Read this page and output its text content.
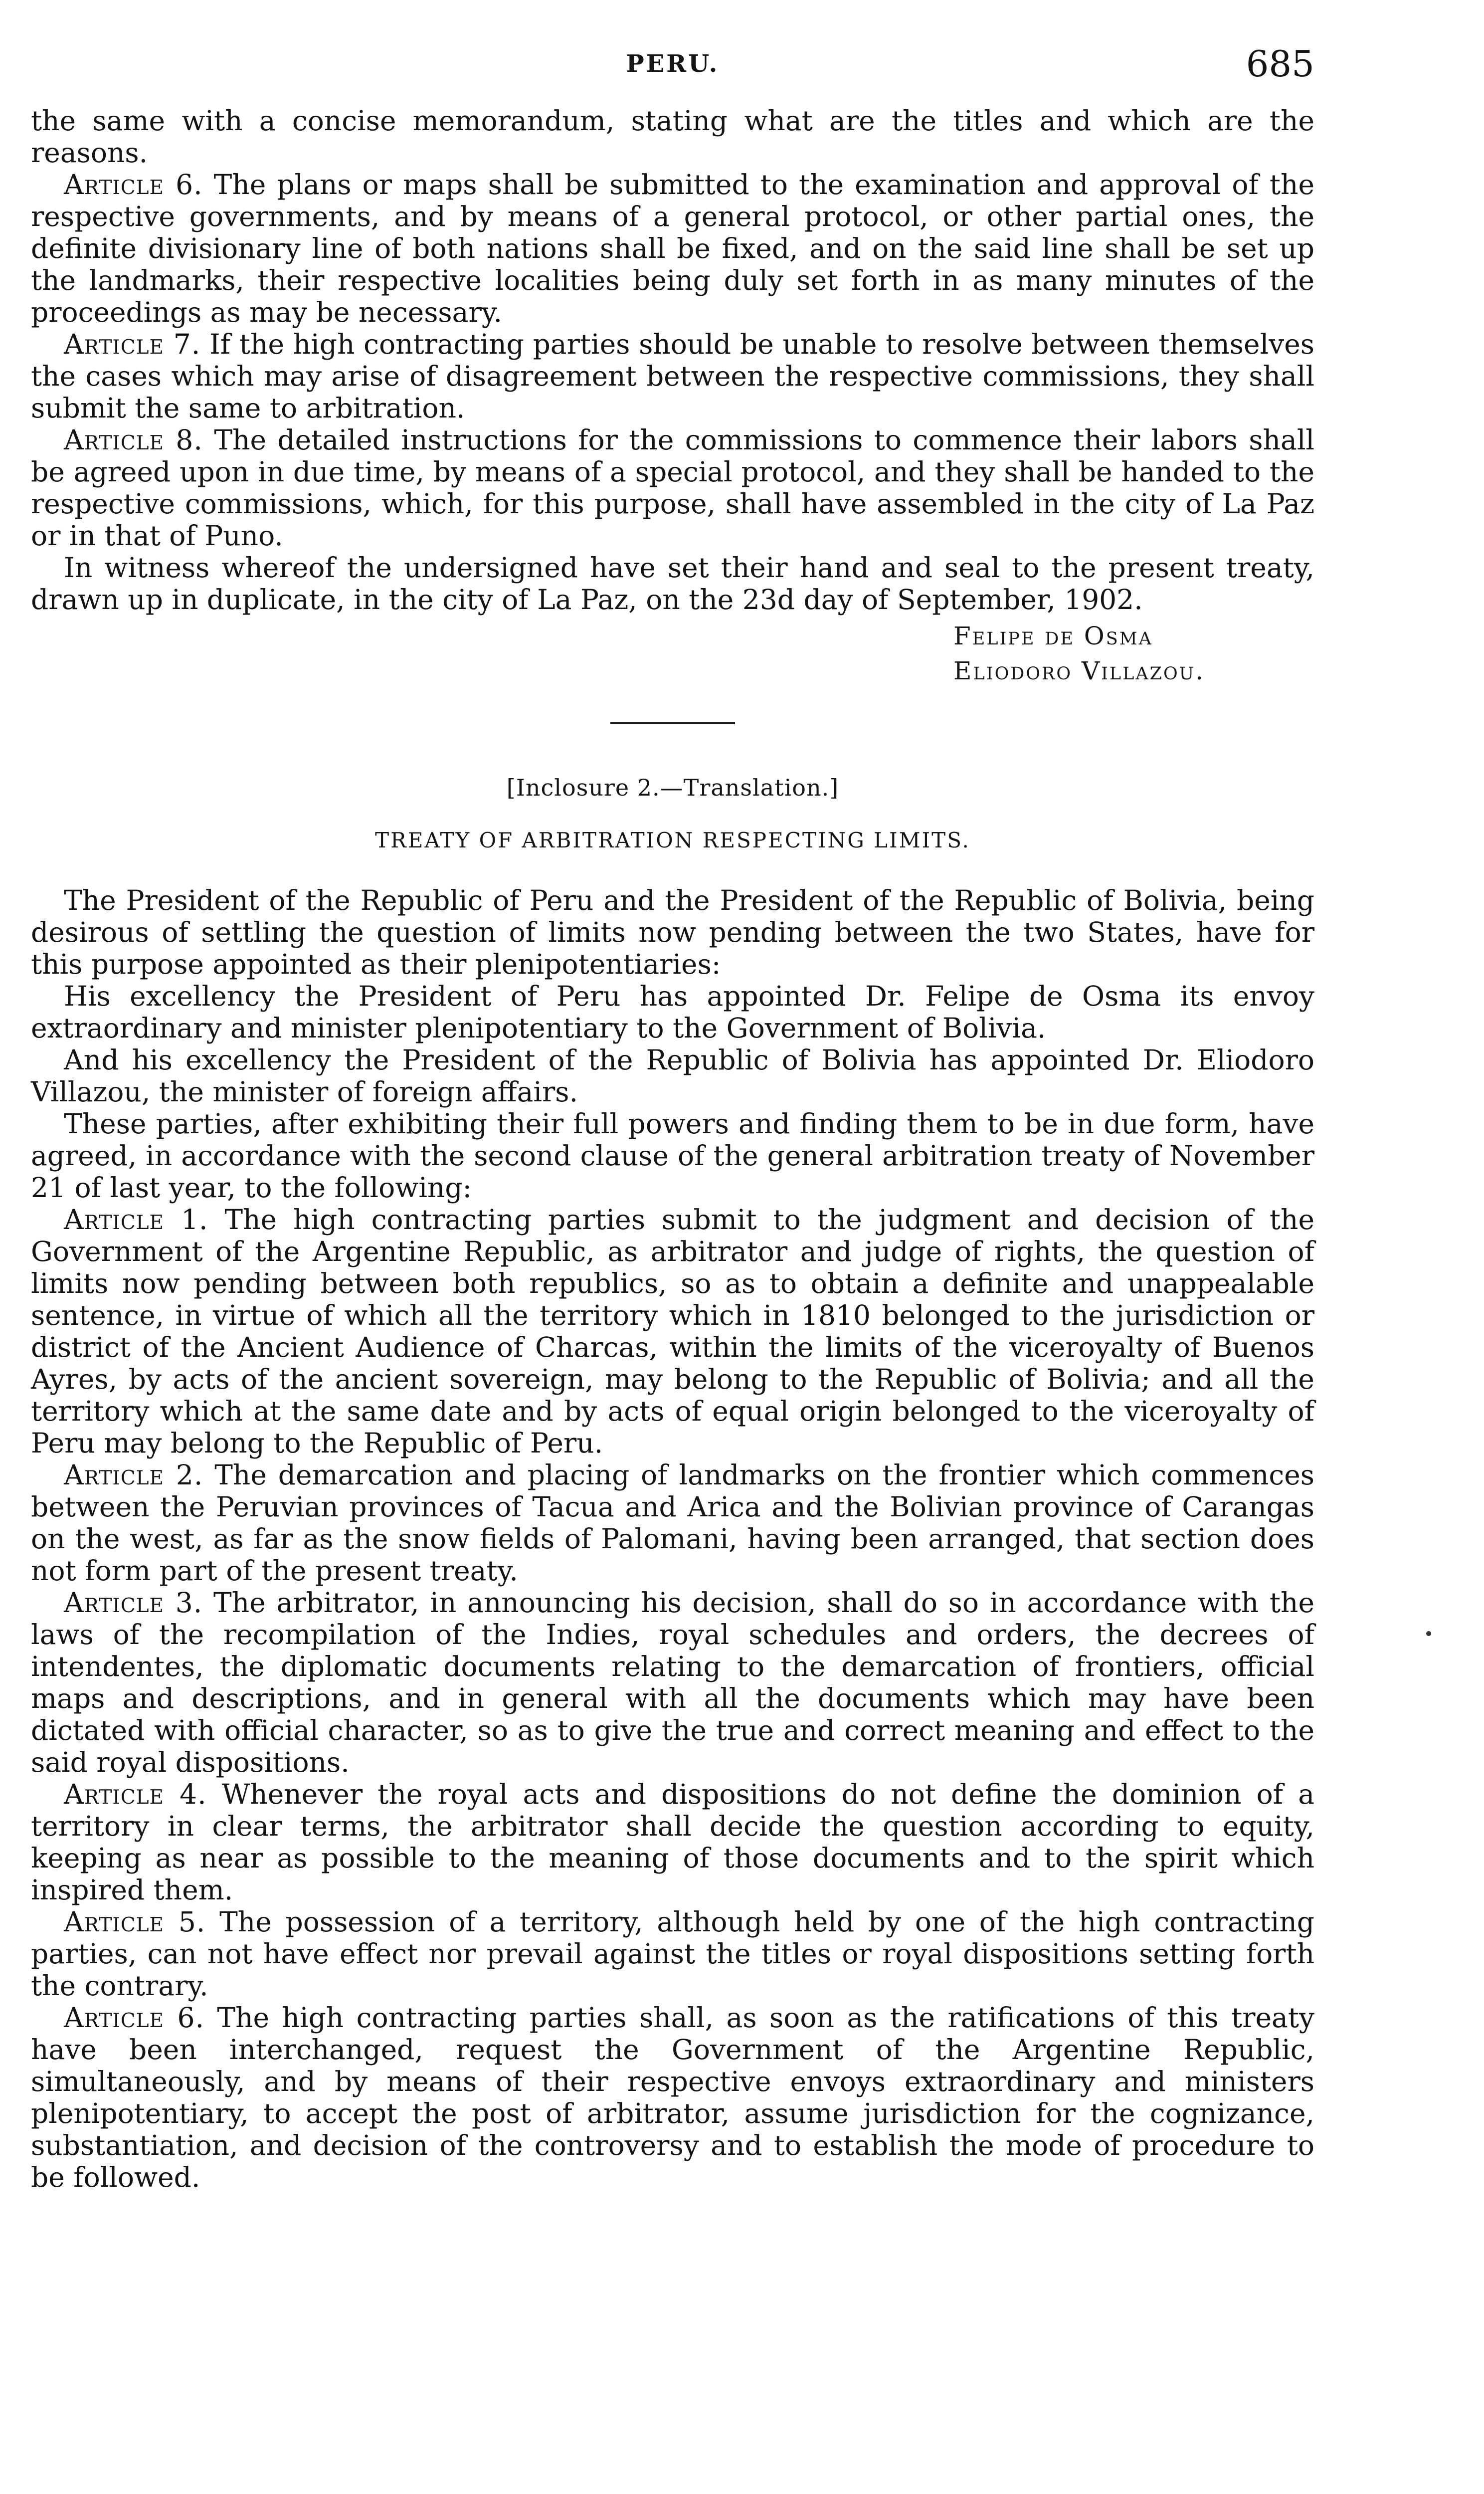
PERU.	685

the same with a concise memorandum, stating what are the titles and which are the reasons.

Article 6. The plans or maps shall be submitted to the examination and approval of the respective governments, and by means of a general protocol, or other partial ones, the definite divisionary line of both nations shall be fixed, and on the said line shall be set up the landmarks, their respective localities being duly set forth in as many minutes of the proceedings as may be necessary.

Article 7. If the high contracting parties should be unable to resolve between themselves the cases which may arise of disagreement between the respective commissions, they shall submit the same to arbitration.

Article 8. The detailed instructions for the commissions to commence their labors shall be agreed upon in due time, by means of a special protocol, and they shall be handed to the respective commissions, which, for this purpose, shall have assembled in the city of La Paz or in that of Puno.

In witness whereof the undersigned have set their hand and seal to the present treaty, drawn up in duplicate, in the city of La Paz, on the 23d day of September, 1902.

Felipe de Osma
Eliodoro Villazou.
[Inclosure 2.—Translation.]
TREATY OF ARBITRATION RESPECTING LIMITS.

The President of the Republic of Peru and the President of the Republic of Bolivia, being desirous of settling the question of limits now pending between the two States, have for this purpose appointed as their plenipotentiaries:

His excellency the President of Peru has appointed Dr. Felipe de Osma its envoy extraordinary and minister plenipotentiary to the Government of Bolivia.

And his excellency the President of the Republic of Bolivia has appointed Dr. Eliodoro Villazou, the minister of foreign affairs.

These parties, after exhibiting their full powers and finding them to be in due form, have agreed, in accordance with the second clause of the general arbitration treaty of November 21 of last year, to the following:

Article 1. The high contracting parties submit to the judgment and decision of the Government of the Argentine Republic, as arbitrator and judge of rights, the question of limits now pending between both republics, so as to obtain a definite and unappealable sentence, in virtue of which all the territory which in 1810 belonged to the jurisdiction or district of the Ancient Audience of Charcas, within the limits of the viceroyalty of Buenos Ayres, by acts of the ancient sovereign, may belong to the Republic of Bolivia; and all the territory which at the same date and by acts of equal origin belonged to the viceroyalty of Peru may belong to the Republic of Peru.

Article 2. The demarcation and placing of landmarks on the frontier which commences between the Peruvian provinces of Tacua and Arica and the Bolivian province of Carangas on the west, as far as the snow fields of Palomani, having been arranged, that section does not form part of the present treaty.

Article 3. The arbitrator, in announcing his decision, shall do so in accordance with the laws of the recompilation of the Indies, royal schedules and orders, the decrees of intendentes, the diplomatic documents relating to the demarcation of frontiers, official maps and descriptions, and in general with all the documents which may have been dictated with official character, so as to give the true and correct meaning and effect to the said royal dispositions.

Article 4. Whenever the royal acts and dispositions do not define the dominion of a territory in clear terms, the arbitrator shall decide the question according to equity, keeping as near as possible to the meaning of those documents and to the spirit which inspired them.

Article 5. The possession of a territory, although held by one of the high contracting parties, can not have effect nor prevail against the titles or royal dispositions setting forth the contrary.

Article 6. The high contracting parties shall, as soon as the ratifications of this treaty have been interchanged, request the Government of the Argentine Republic, simultaneously, and by means of their respective envoys extraordinary and ministers plenipotentiary, to accept the post of arbitrator, assume jurisdiction for the cognizance, substantiation, and decision of the controversy and to establish the mode of procedure to be followed.
